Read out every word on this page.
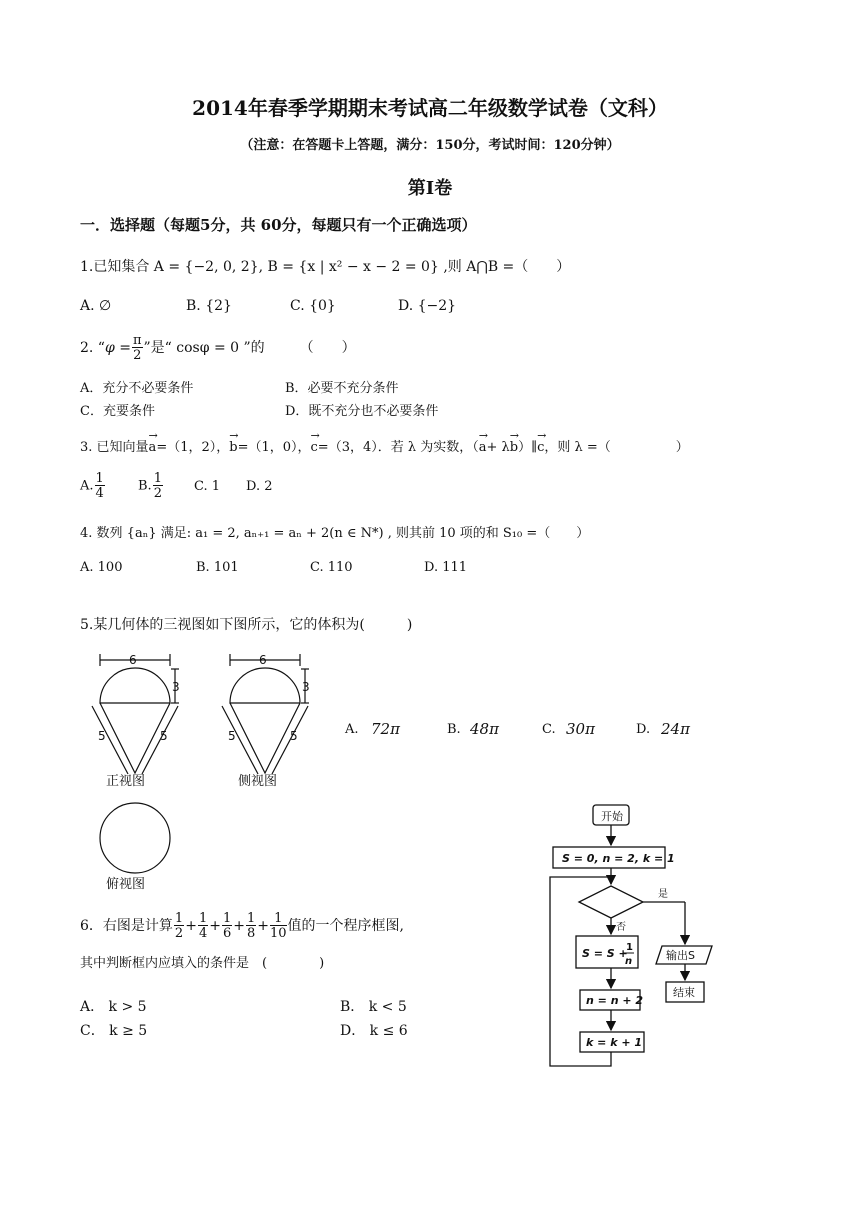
2014年春季学期期末考试高二年级数学试卷（文科）
（注意：在答题卡上答题，满分：150分，考试时间：120分钟）
第Ⅰ卷
一．选择题（每题5分，共 60分，每题只有一个正确选项）
1.已知集合 A = {−2, 0, 2}, B = {x | x² − x − 2 = 0} ,则 A⋂B =（　　）
A. ∅	B. {2}	C. {0}	D. {−2}
2. “$\varphi = \frac{\pi}{2}$ ”是“ cosφ = 0 ”的　　　（　　）
A．充分不必要条件	B．必要不充分条件
C．充要条件	D．既不充分也不必要条件
3. 已知向量→ a=（1，2），→ b=（1，0），→ c=（3，4）．若 λ 为实数，（→ a+ λ→ b）∥→ c，则 λ =（　　　　　）
A. $\frac{1}{4}$	B. $\frac{1}{2} C$. 1 D. 2
4. 数列 {aₙ} 满足: a₁ = 2, aₙ₊₁ = aₙ + 2(n ∈ N*) , 则其前 10 项的和 S₁₀ =（　　）
A. 100	B. 101	C. 110	D. 111
5.某几何体的三视图如下图所示，它的体积为(　　　)
6
3
5	5
6
3
5	5
正视图	侧视图
俯视图
A. 72π	B. 48π	C. 30π	D. 24π
6．右图是计算 $\frac{1}{2} + \frac{1}{4} + \frac{1}{6} + \frac{1}{8} + \frac{1}{10}$ 值的一个程序框图,
其中判断框内应填入的条件是　(　　　　)
A． k > 5	B． k < 5
C． k ≥ 5	D． k ≤ 6
开始
S = 0, n = 2, k = 1
是
否
S = S +
1
n	输出S
结束
n = n + 2
k = k + 1
